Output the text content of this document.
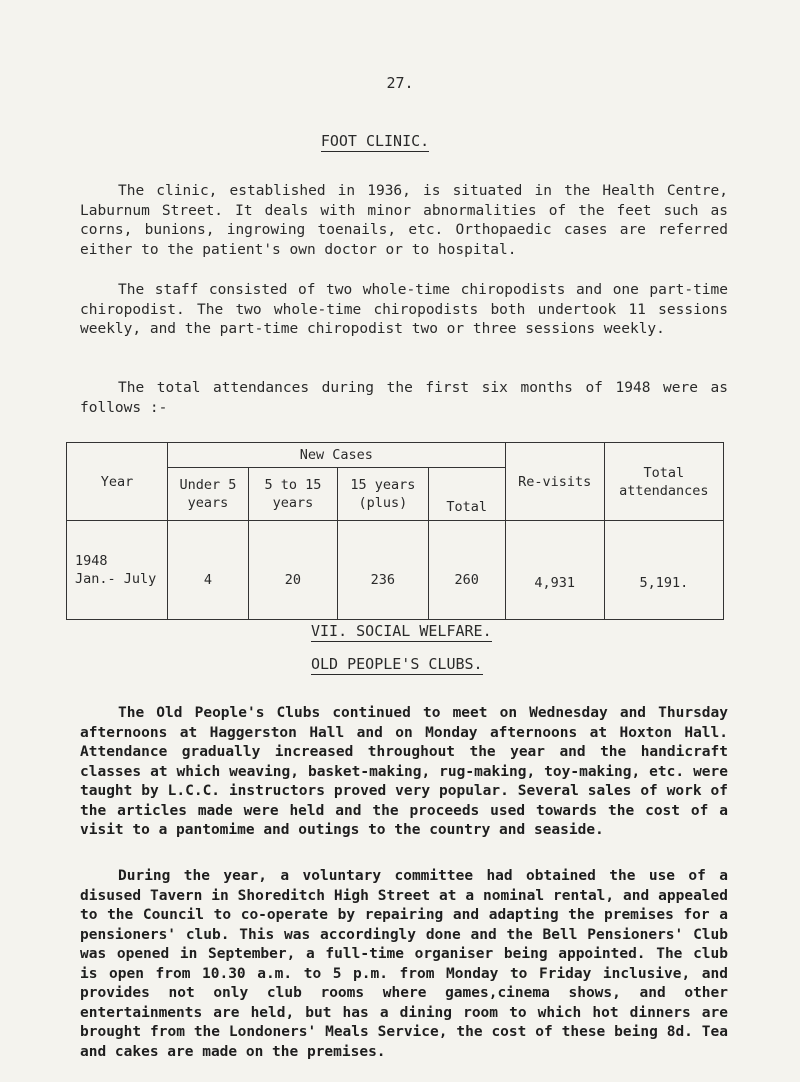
27.
FOOT CLINIC.
The clinic, established in 1936, is situated in the Health Centre, Laburnum Street. It deals with minor abnormalities of the feet such as corns, bunions, ingrowing toenails, etc. Orthopaedic cases are referred either to the patient's own doctor or to hospital.
The staff consisted of two whole-time chiropodists and one part-time chiropodist. The two whole-time chiropodists both undertook 11 sessions weekly, and the part-time chiropodist two or three sessions weekly.
The total attendances during the first six months of 1948 were as follows :-
Year	New Cases				Re-visits	Total attendances
	Under 5 years	5 to 15 years	15 years (plus)	Total		

1948
Jan.- July	4	20	236	260	4,931	5,191.
VII. SOCIAL WELFARE.
OLD PEOPLE'S CLUBS.
The Old People's Clubs continued to meet on Wednesday and Thursday afternoons at Haggerston Hall and on Monday afternoons at Hoxton Hall. Attendance gradually increased throughout the year and the handicraft classes at which weaving, basket-making, rug-making, toy-making, etc. were taught by L.C.C. instructors proved very popular. Several sales of work of the articles made were held and the proceeds used towards the cost of a visit to a pantomime and outings to the country and seaside.
During the year, a voluntary committee had obtained the use of a disused Tavern in Shoreditch High Street at a nominal rental, and appealed to the Council to co-operate by repairing and adapting the premises for a pensioners' club. This was accordingly done and the Bell Pensioners' Club was opened in September, a full-time organiser being appointed. The club is open from 10.30 a.m. to 5 p.m. from Monday to Friday inclusive, and provides not only club rooms where games,cinema shows, and other entertainments are held, but has a dining room to which hot dinners are brought from the Londoners' Meals Service, the cost of these being 8d. Tea and cakes are made on the premises.
